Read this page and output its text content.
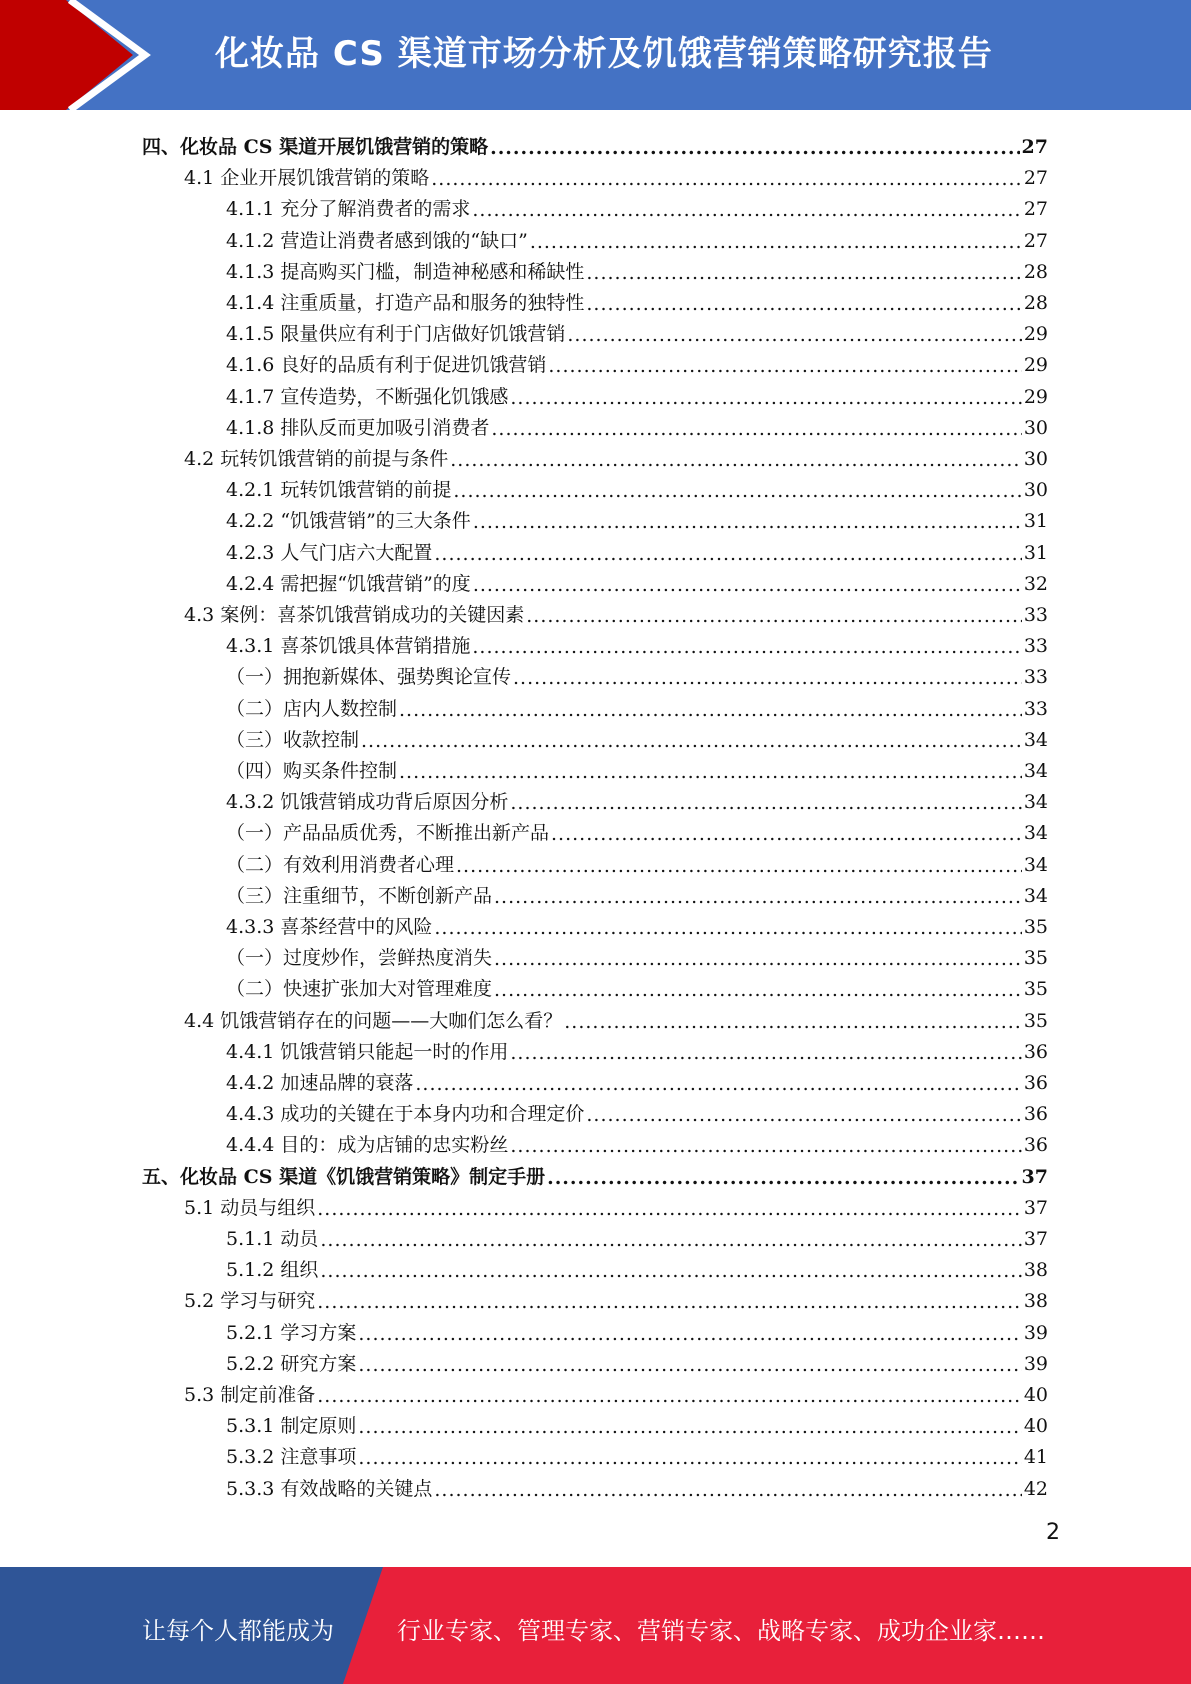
化妆品 CS 渠道市场分析及饥饿营销策略研究报告
四、化妆品 CS 渠道开展饥饿营销的策略 .....	27
4.1 企业开展饥饿营销的策略 .....	27
4.1.1 充分了解消费者的需求 .....	27
4.1.2 营造让消费者感到饿的“缺口” .....	27
4.1.3 提高购买门槛，制造神秘感和稀缺性 .....	28
4.1.4 注重质量，打造产品和服务的独特性 .....	28
4.1.5 限量供应有利于门店做好饥饿营销 .....	29
4.1.6 良好的品质有利于促进饥饿营销 .....	29
4.1.7 宣传造势，不断强化饥饿感 .....	29
4.1.8 排队反而更加吸引消费者 .....	30
4.2 玩转饥饿营销的前提与条件 .....	30
4.2.1 玩转饥饿营销的前提 .....	30
4.2.2 “饥饿营销”的三大条件 .....	31
4.2.3 人气门店六大配置 .....	31
4.2.4 需把握“饥饿营销”的度 .....	32
4.3 案例：喜茶饥饿营销成功的关键因素 .....	33
4.3.1 喜茶饥饿具体营销措施 .....	33
（一）拥抱新媒体、强势舆论宣传 .....	33
（二）店内人数控制 .....	33
（三）收款控制 .....	34
（四）购买条件控制 .....	34
4.3.2 饥饿营销成功背后原因分析 .....	34
（一）产品品质优秀，不断推出新产品 .....	34
（二）有效利用消费者心理 .....	34
（三）注重细节，不断创新产品 .....	34
4.3.3 喜茶经营中的风险 .....	35
（一）过度炒作，尝鲜热度消失 .....	35
（二）快速扩张加大对管理难度 .....	35
4.4 饥饿营销存在的问题——大咖们怎么看？ .....	35
4.4.1 饥饿营销只能起一时的作用 .....	36
4.4.2 加速品牌的衰落 .....	36
4.4.3 成功的关键在于本身内功和合理定价 .....	36
4.4.4 目的：成为店铺的忠实粉丝 .....	36
五、化妆品 CS 渠道《饥饿营销策略》制定手册 .....	37
5.1 动员与组织 .....	37
5.1.1 动员 .....	37
5.1.2 组织 .....	38
5.2 学习与研究 .....	38
5.2.1 学习方案 .....	39
5.2.2 研究方案 .....	39
5.3 制定前准备 .....	40
5.3.1 制定原则 .....	40
5.3.2 注意事项 .....	41
5.3.3 有效战略的关键点 .....	42
2
让每个人都能成为	行业专家、管理专家、营销专家、战略专家、成功企业家……
